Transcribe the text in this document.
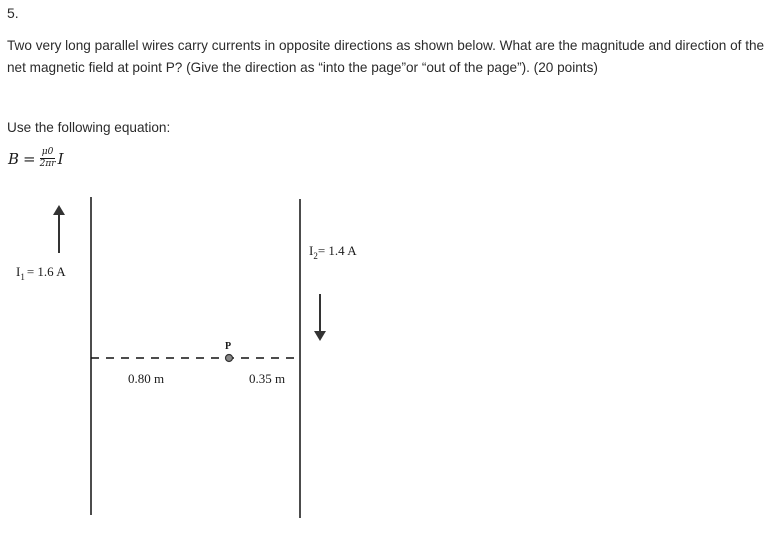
5.
Two very long parallel wires carry currents in opposite directions as shown below. What are the magnitude and direction of the net magnetic field at point P? (Give the direction as “into the page”or “out of the page”). (20 points)
Use the following equation:
$B = \frac{\mu 0}{2\pi r}$ I
$I_1 = 1.6$ A
$I_2= 1.4$ A
P
0.80 m	0.35 m
